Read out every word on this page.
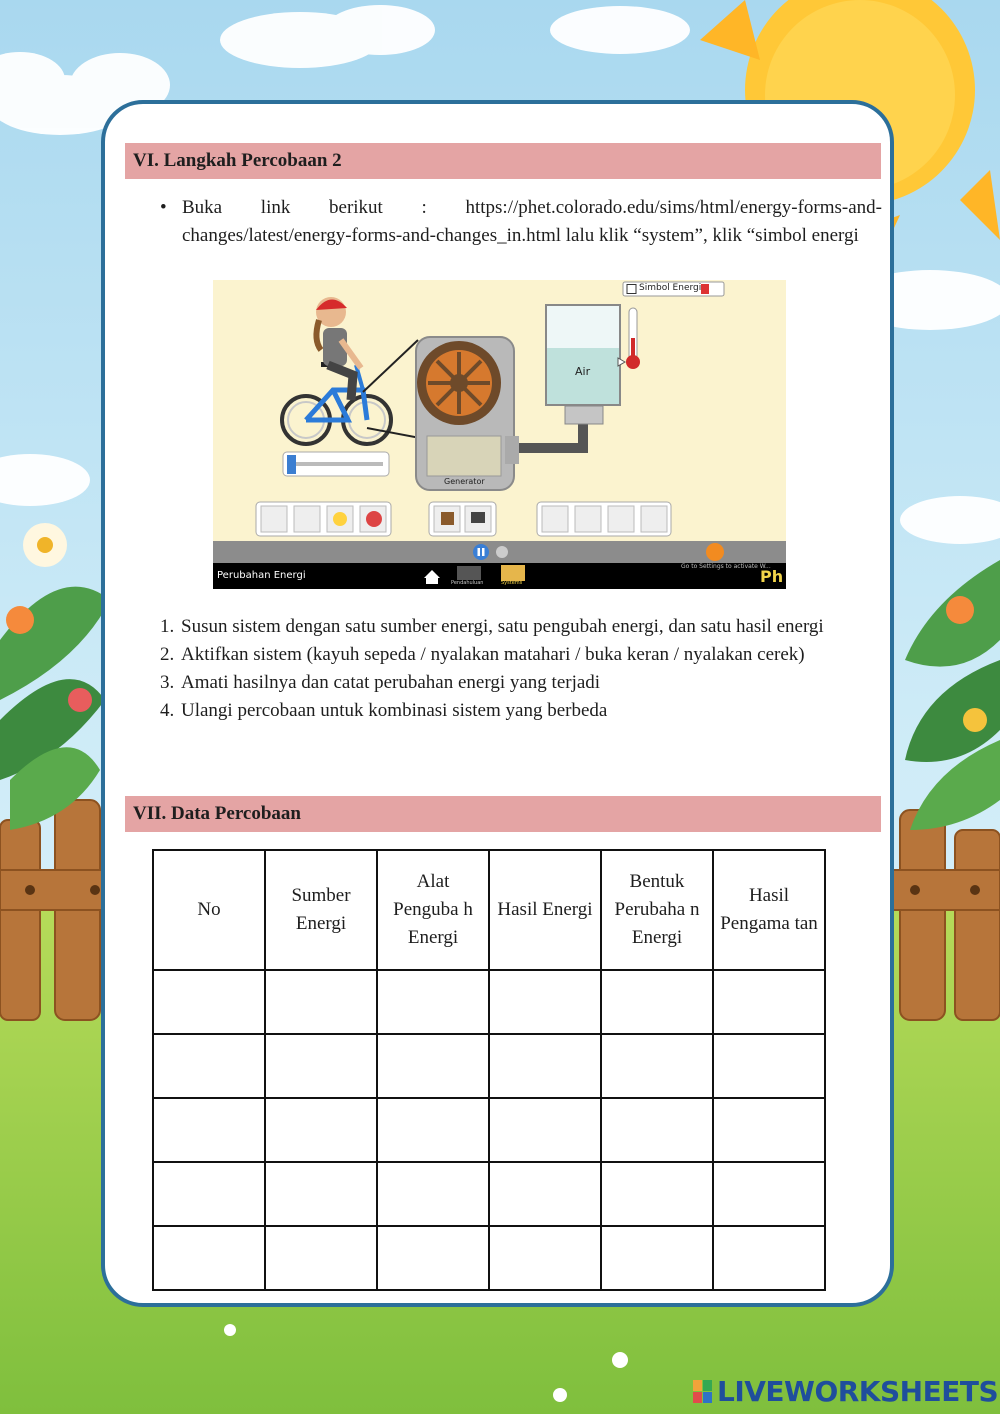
VI. Langkah Percobaan 2
• Buka link berikut : https://phet.colorado.edu/sims/html/energy-forms-and-changes/latest/energy-forms-and-changes_in.html lalu klik “system”, klik “simbol energi
Simbol Energi
Air
Generator
Perubahan Energi
Pendahuluan	Systems
Go to Settings to activate W...
Ph
1. Susun sistem dengan satu sumber energi, satu pengubah energi, dan satu hasil energi
2. Aktifkan sistem (kayuh sepeda / nyalakan matahari / buka keran / nyalakan cerek)
3. Amati hasilnya dan catat perubahan energi yang terjadi
4. Ulangi percobaan untuk kombinasi sistem yang berbeda
VII. Data Percobaan
No	Sumber Energi	Alat Penguba h Energi	Hasil Energi	Bentuk Perubaha n Energi	Hasil Pengama tan

LIVEWORKSHEETS
